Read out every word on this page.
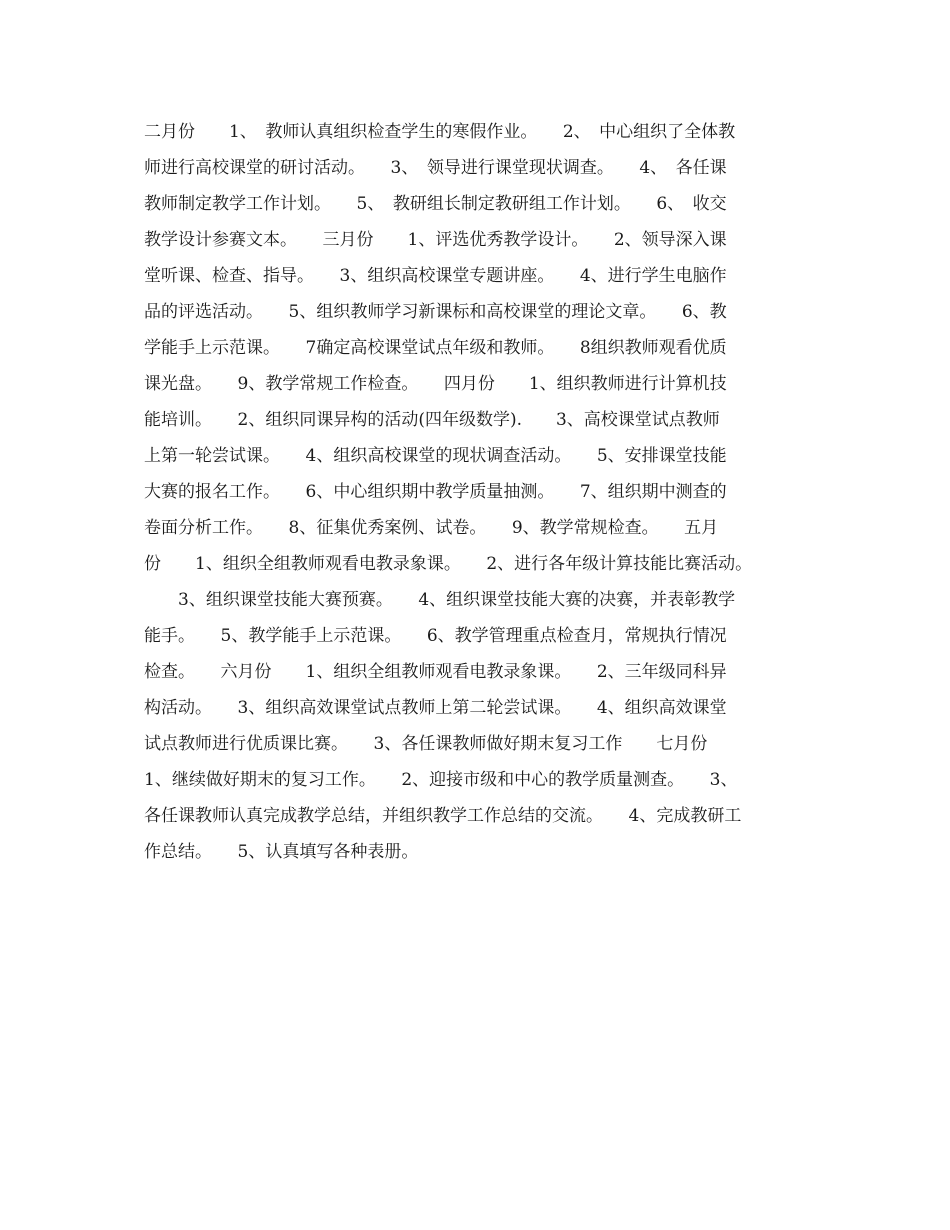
二月份　　1、　教师认真组织检查学生的寒假作业。　　2、　中心组织了全体教
师进行高校课堂的研讨活动。　　3、　领导进行课堂现状调查。　　4、　各任课
教师制定教学工作计划。　　5、　教研组长制定教研组工作计划。　　6、　收交
教学设计参赛文本。　　三月份　　1、评选优秀教学设计。　　2、领导深入课
堂听课、检查、指导。　　3、组织高校课堂专题讲座。　　4、进行学生电脑作
品的评选活动。　　5、组织教师学习新课标和高校课堂的理论文章。　　6、教
学能手上示范课。　　7确定高校课堂试点年级和教师。　　8组织教师观看优质
课光盘。　　9、教学常规工作检查。　　四月份　　1、组织教师进行计算机技
能培训。　　2、组织同课异构的活动(四年级数学).　　3、高校课堂试点教师
上第一轮尝试课。　　4、组织高校课堂的现状调查活动。　　5、安排课堂技能
大赛的报名工作。　　6、中心组织期中教学质量抽测。　　7、组织期中测查的
卷面分析工作。　　8、征集优秀案例、试卷。　　9、教学常规检查。　　五月
份　　1、组织全组教师观看电教录象课。　　2、进行各年级计算技能比赛活动。
　　3、组织课堂技能大赛预赛。　　4、组织课堂技能大赛的决赛，并表彰教学
能手。　　5、教学能手上示范课。　　6、教学管理重点检查月，常规执行情况
检查。　　六月份　　1、组织全组教师观看电教录象课。　　2、三年级同科异
构活动。　　3、组织高效课堂试点教师上第二轮尝试课。　　4、组织高效课堂
试点教师进行优质课比赛。　　3、各任课教师做好期末复习工作　　七月份
1、继续做好期末的复习工作。　　2、迎接市级和中心的教学质量测查。　　3、
各任课教师认真完成教学总结，并组织教学工作总结的交流。　　4、完成教研工
作总结。　　5、认真填写各种表册。
